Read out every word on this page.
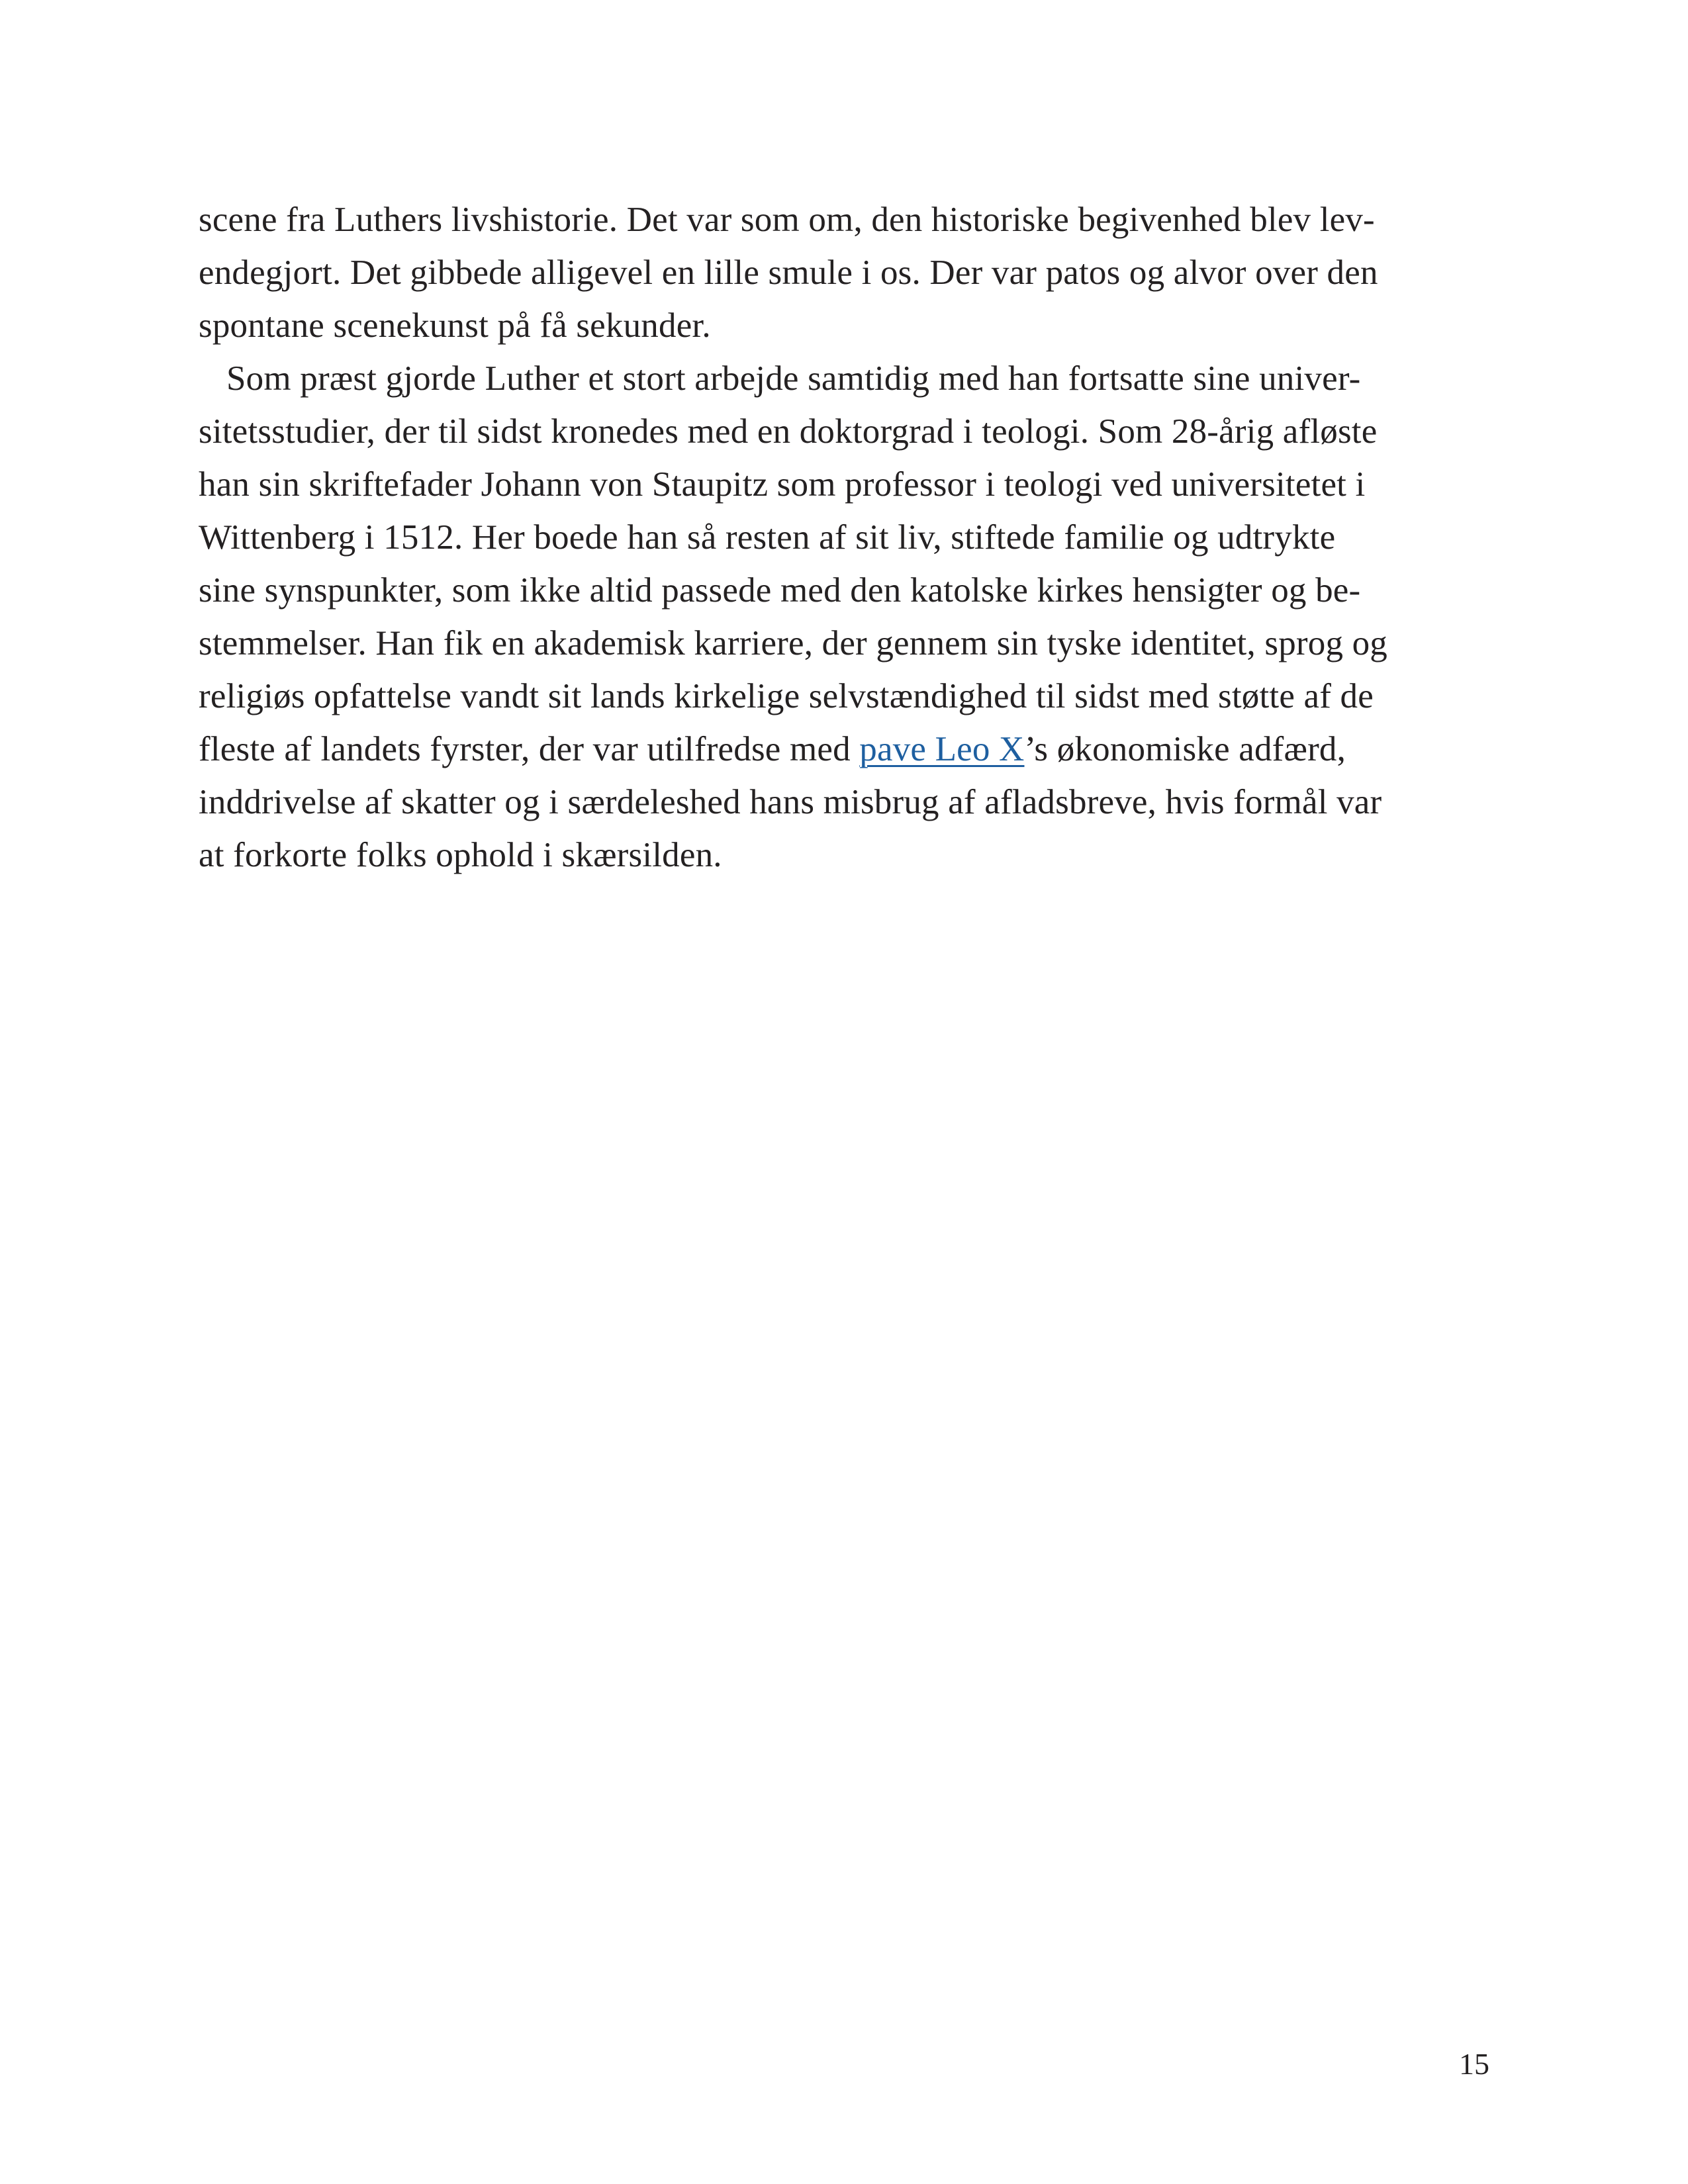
scene fra Luthers livshistorie. Det var som om, den historiske begivenhed blev lev-
endegjort. Det gibbede alligevel en lille smule i os. Der var patos og alvor over den
spontane scenekunst på få sekunder.
Som præst gjorde Luther et stort arbejde samtidig med han fortsatte sine univer-
sitetsstudier, der til sidst kronedes med en doktorgrad i teologi. Som 28-årig afløste
han sin skriftefader Johann von Staupitz som professor i teologi ved universitetet i
Wittenberg i 1512. Her boede han så resten af sit liv, stiftede familie og udtrykte
sine synspunkter, som ikke altid passede med den katolske kirkes hensigter og be-
stemmelser. Han fik en akademisk karriere, der gennem sin tyske identitet, sprog og
religiøs opfattelse vandt sit lands kirkelige selvstændighed til sidst med støtte af de
fleste af landets fyrster, der var utilfredse med pave Leo X’s økonomiske adfærd,
inddrivelse af skatter og i særdeleshed hans misbrug af afladsbreve, hvis formål var
at forkorte folks ophold i skærsilden.
15
